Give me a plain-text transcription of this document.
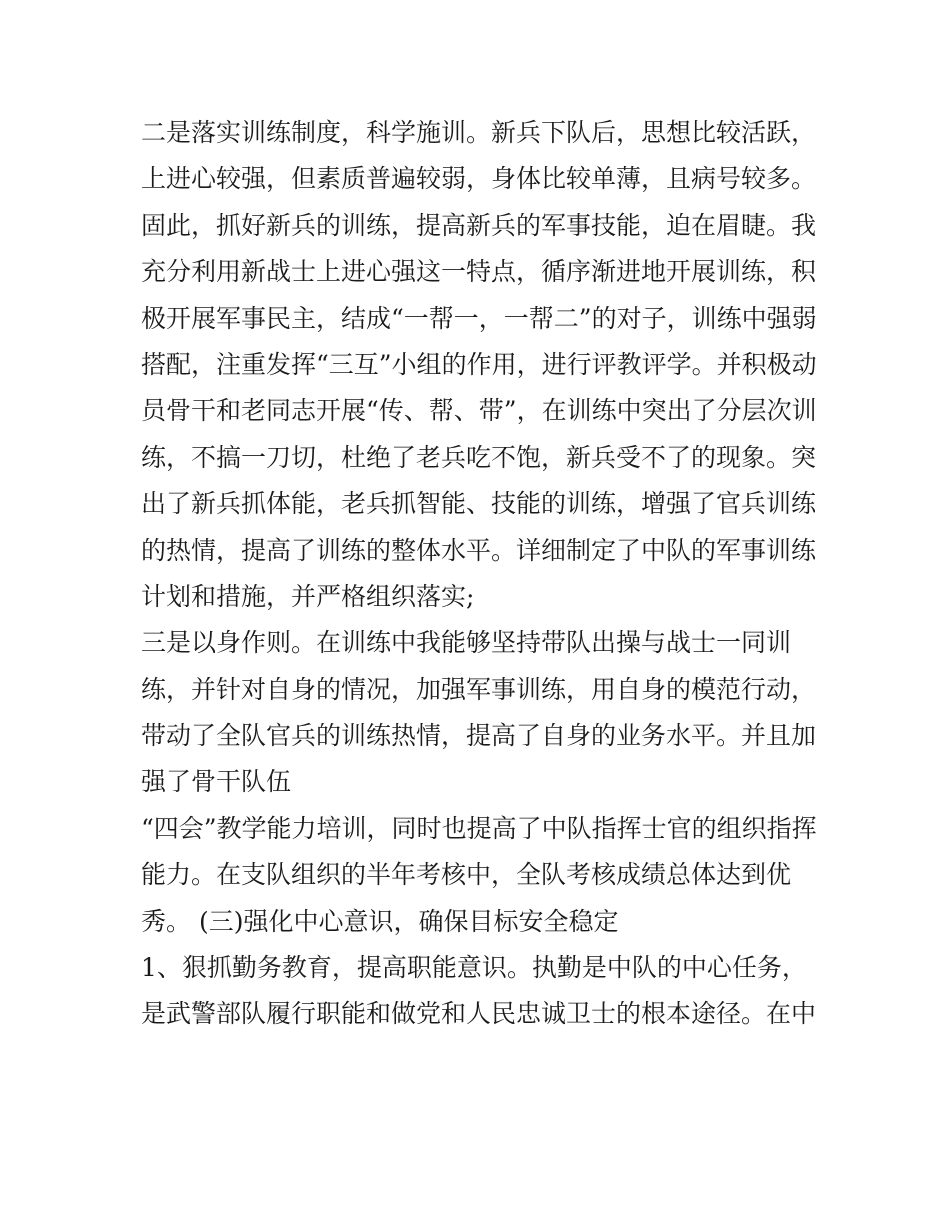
二是落实训练制度，科学施训。新兵下队后，思想比较活跃，
上进心较强，但素质普遍较弱，身体比较单薄，且病号较多。
固此，抓好新兵的训练，提高新兵的军事技能，迫在眉睫。我
充分利用新战士上进心强这一特点，循序渐进地开展训练，积
极开展军事民主，结成“一帮一，一帮二”的对子，训练中强弱
搭配，注重发挥“三互”小组的作用，进行评教评学。并积极动
员骨干和老同志开展“传、帮、带”，在训练中突出了分层次训
练，不搞一刀切，杜绝了老兵吃不饱，新兵受不了的现象。突
出了新兵抓体能，老兵抓智能、技能的训练，增强了官兵训练
的热情，提高了训练的整体水平。详细制定了中队的军事训练
计划和措施，并严格组织落实;
三是以身作则。在训练中我能够坚持带队出操与战士一同训
练，并针对自身的情况，加强军事训练，用自身的模范行动，
带动了全队官兵的训练热情，提高了自身的业务水平。并且加
强了骨干队伍
“四会”教学能力培训，同时也提高了中队指挥士官的组织指挥
能力。在支队组织的半年考核中，全队考核成绩总体达到优
秀。 (三)强化中心意识，确保目标安全稳定
1、狠抓勤务教育，提高职能意识。执勤是中队的中心任务，
是武警部队履行职能和做党和人民忠诚卫士的根本途径。在中
